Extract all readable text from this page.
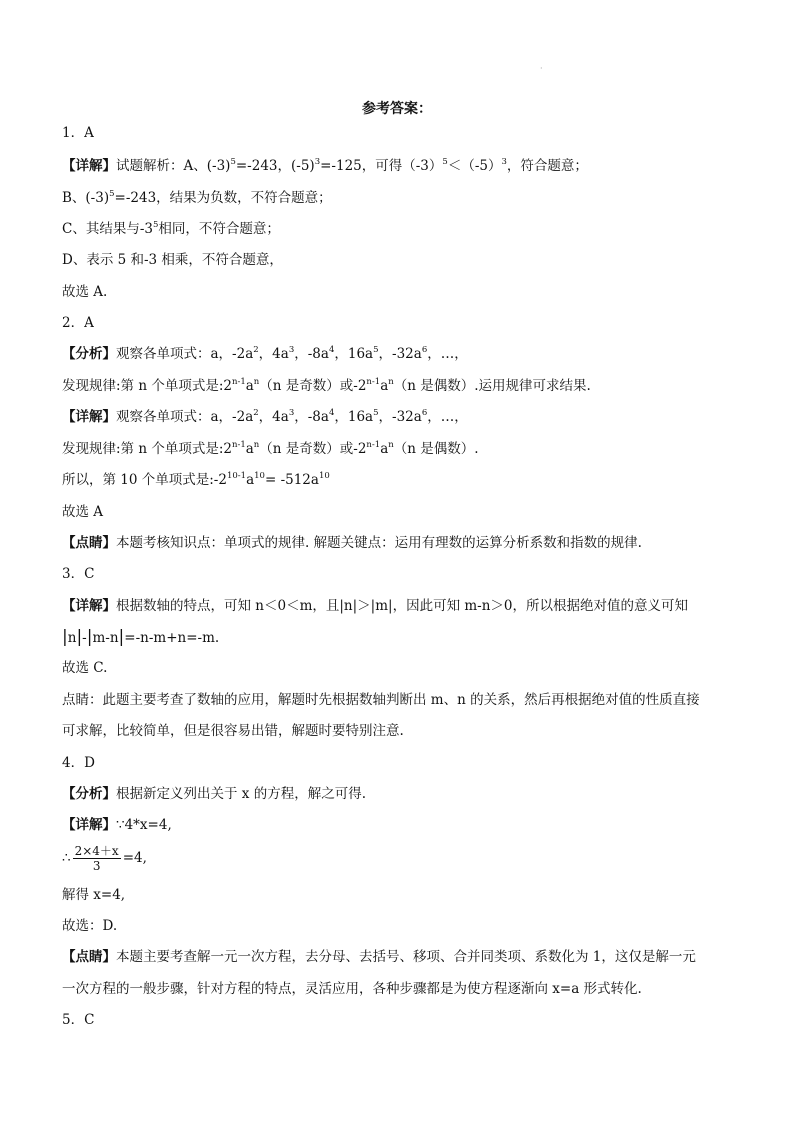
·
参考答案：
1．A
【详解】试题解析：A、$(-3)^5=-243$，$(-5)^3=-125$，可得$(-3)^5<(-5)^3$，符合题意；
B、$(-3)^5=-243$，结果为负数，不符合题意；
C、其结果与$-3^5$相同，不符合题意；
D、表示 5 和-3 相乘，不符合题意，
故选 A.
2．A
【分析】观察各单项式：a，$-2a^2$，$4a^3$，$-8a^4$，$16a^5$，$-32a^6$，…，
发现规律:第 n 个单项式是$:2^{n-1}a^n(n$ 是奇数）或$-2^{n-1}a^n(n$ 是偶数）.运用规律可求结果.
【详解】观察各单项式：a，$-2a^2$，$4a^3$，$-8a^4$，$16a^5$，$-32a^6$，…，
发现规律:第 n 个单项式是$:2^{n-1}a^n(n$ 是奇数）或$-2^{n-1}a^n(n$ 是偶数）.
所以，第 10 个单项式是$:-2^{10-1}a^{10}= -512a^{10}$
故选 A
【点睛】本题考核知识点：单项式的规律. 解题关键点：运用有理数的运算分析系数和指数的规律.
3．C
【详解】根据数轴的特点，可知 n＜0＜m，且|n|＞|m|，因此可知 m-n＞0，所以根据绝对值的意义可知
|n|-|m-n|=-n-m+n=-m.
故选 C.
点睛：此题主要考查了数轴的应用，解题时先根据数轴判断出 m、n 的关系，然后再根据绝对值的性质直接
可求解，比较简单，但是很容易出错，解题时要特别注意.
4．D
【分析】根据新定义列出关于 x 的方程，解之可得.
【详解】∵4*x=4,
∴ $\frac{2\times 4+x}{3} =4$,
解得 x=4,
故选：D.
【点睛】本题主要考查解一元一次方程，去分母、去括号、移项、合并同类项、系数化为 1，这仅是解一元
一次方程的一般步骤，针对方程的特点，灵活应用，各种步骤都是为使方程逐渐向 x=a 形式转化.
5．C
